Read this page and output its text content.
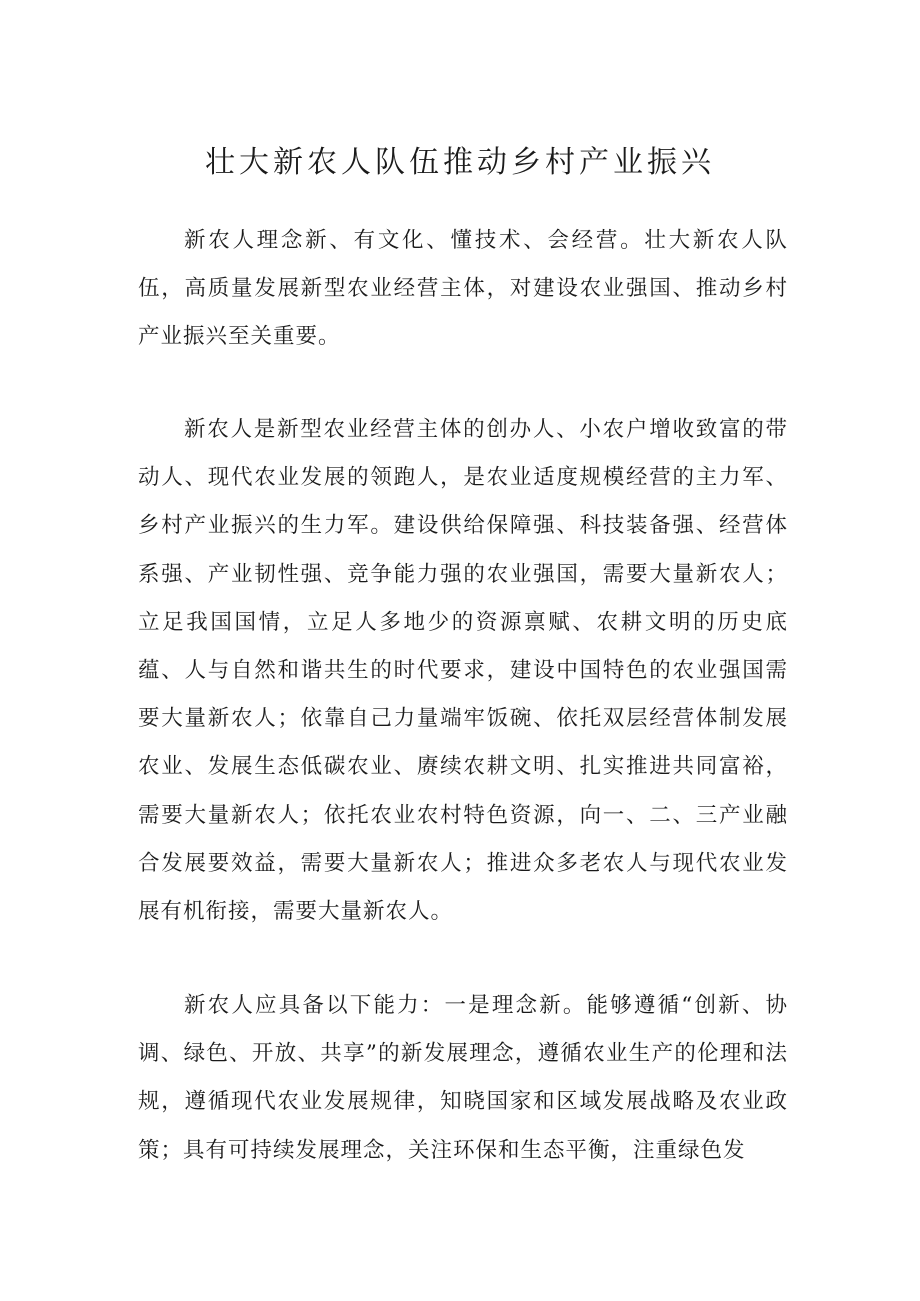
壮大新农人队伍推动乡村产业振兴

新农人理念新、有文化、懂技术、会经营。壮大新农人队伍，高质量发展新型农业经营主体，对建设农业强国、推动乡村产业振兴至关重要。

新农人是新型农业经营主体的创办人、小农户增收致富的带动人、现代农业发展的领跑人，是农业适度规模经营的主力军、乡村产业振兴的生力军。建设供给保障强、科技装备强、经营体系强、产业韧性强、竞争能力强的农业强国，需要大量新农人；立足我国国情，立足人多地少的资源禀赋、农耕文明的历史底蕴、人与自然和谐共生的时代要求，建设中国特色的农业强国需要大量新农人；依靠自己力量端牢饭碗、依托双层经营体制发展农业、发展生态低碳农业、赓续农耕文明、扎实推进共同富裕，需要大量新农人；依托农业农村特色资源，向一、二、三产业融合发展要效益，需要大量新农人；推进众多老农人与现代农业发展有机衔接，需要大量新农人。

新农人应具备以下能力：一是理念新。能够遵循“创新、协调、绿色、开放、共享”的新发展理念，遵循农业生产的伦理和法规，遵循现代农业发展规律，知晓国家和区域发展战略及农业政策；具有可持续发展理念，关注环保和生态平衡，注重绿色发
